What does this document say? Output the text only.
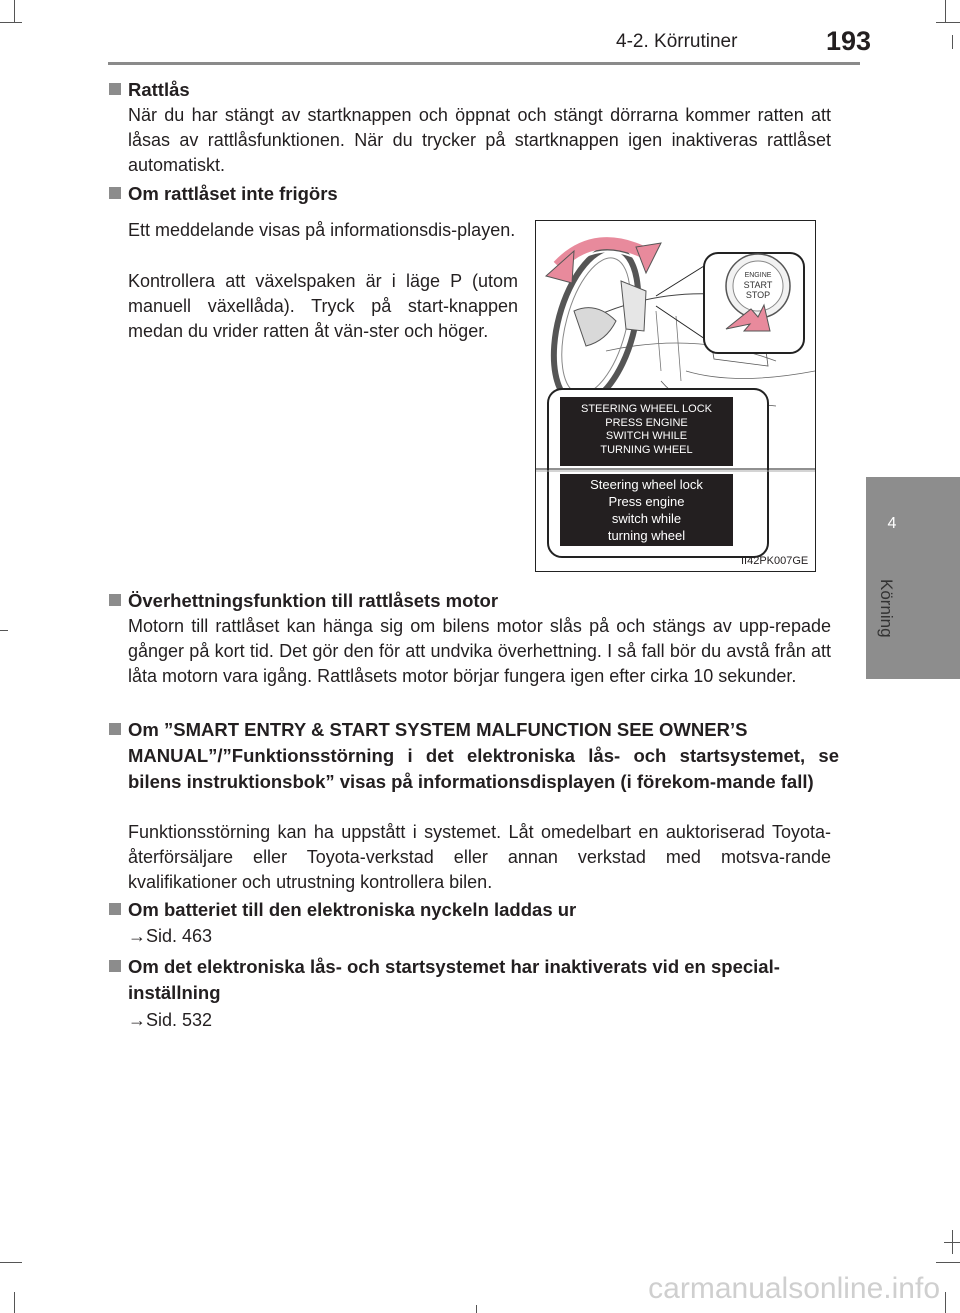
4-2. Körrutiner	193
4
Körning
Rattlås
När du har stängt av startknappen och öppnat och stängt dörrarna kommer ratten att låsas av rattlåsfunktionen. När du trycker på startknappen igen inaktiveras rattlåset automatiskt.
Om rattlåset inte frigörs
Ett meddelande visas på informationsdis-playen.
Kontrollera att växelspaken är i läge P (utom manuell växellåda). Tryck på start-knappen medan du vrider ratten åt vän-ster och höger.
ENGINE
START
STOP
STEERING WHEEL LOCK
PRESS ENGINE
SWITCH WHILE
TURNING WHEEL
Steering wheel lock
Press engine
switch while
turning wheel
II42PK007GE
Överhettningsfunktion till rattlåsets motor
Motorn till rattlåset kan hänga sig om bilens motor slås på och stängs av upp-repade gånger på kort tid. Det gör den för att undvika överhettning. I så fall bör du avstå från att låta motorn vara igång. Rattlåsets motor börjar fungera igen efter cirka 10 sekunder.
Om ”SMART ENTRY & START SYSTEM MALFUNCTION SEE OWNER’S
MANUAL”/”Funktionsstörning i det elektroniska lås- och startsystemet, se bilens instruktionsbok” visas på informationsdisplayen (i förekom-mande fall)
Funktionsstörning kan ha uppstått i systemet. Låt omedelbart en auktoriserad Toyota-återförsäljare eller Toyota-verkstad eller annan verkstad med motsva-rande kvalifikationer och utrustning kontrollera bilen.
Om batteriet till den elektroniska nyckeln laddas ur
→Sid. 463
Om det elektroniska lås- och startsystemet har inaktiverats vid en special-
inställning
→Sid. 532
carmanualsonline.info
